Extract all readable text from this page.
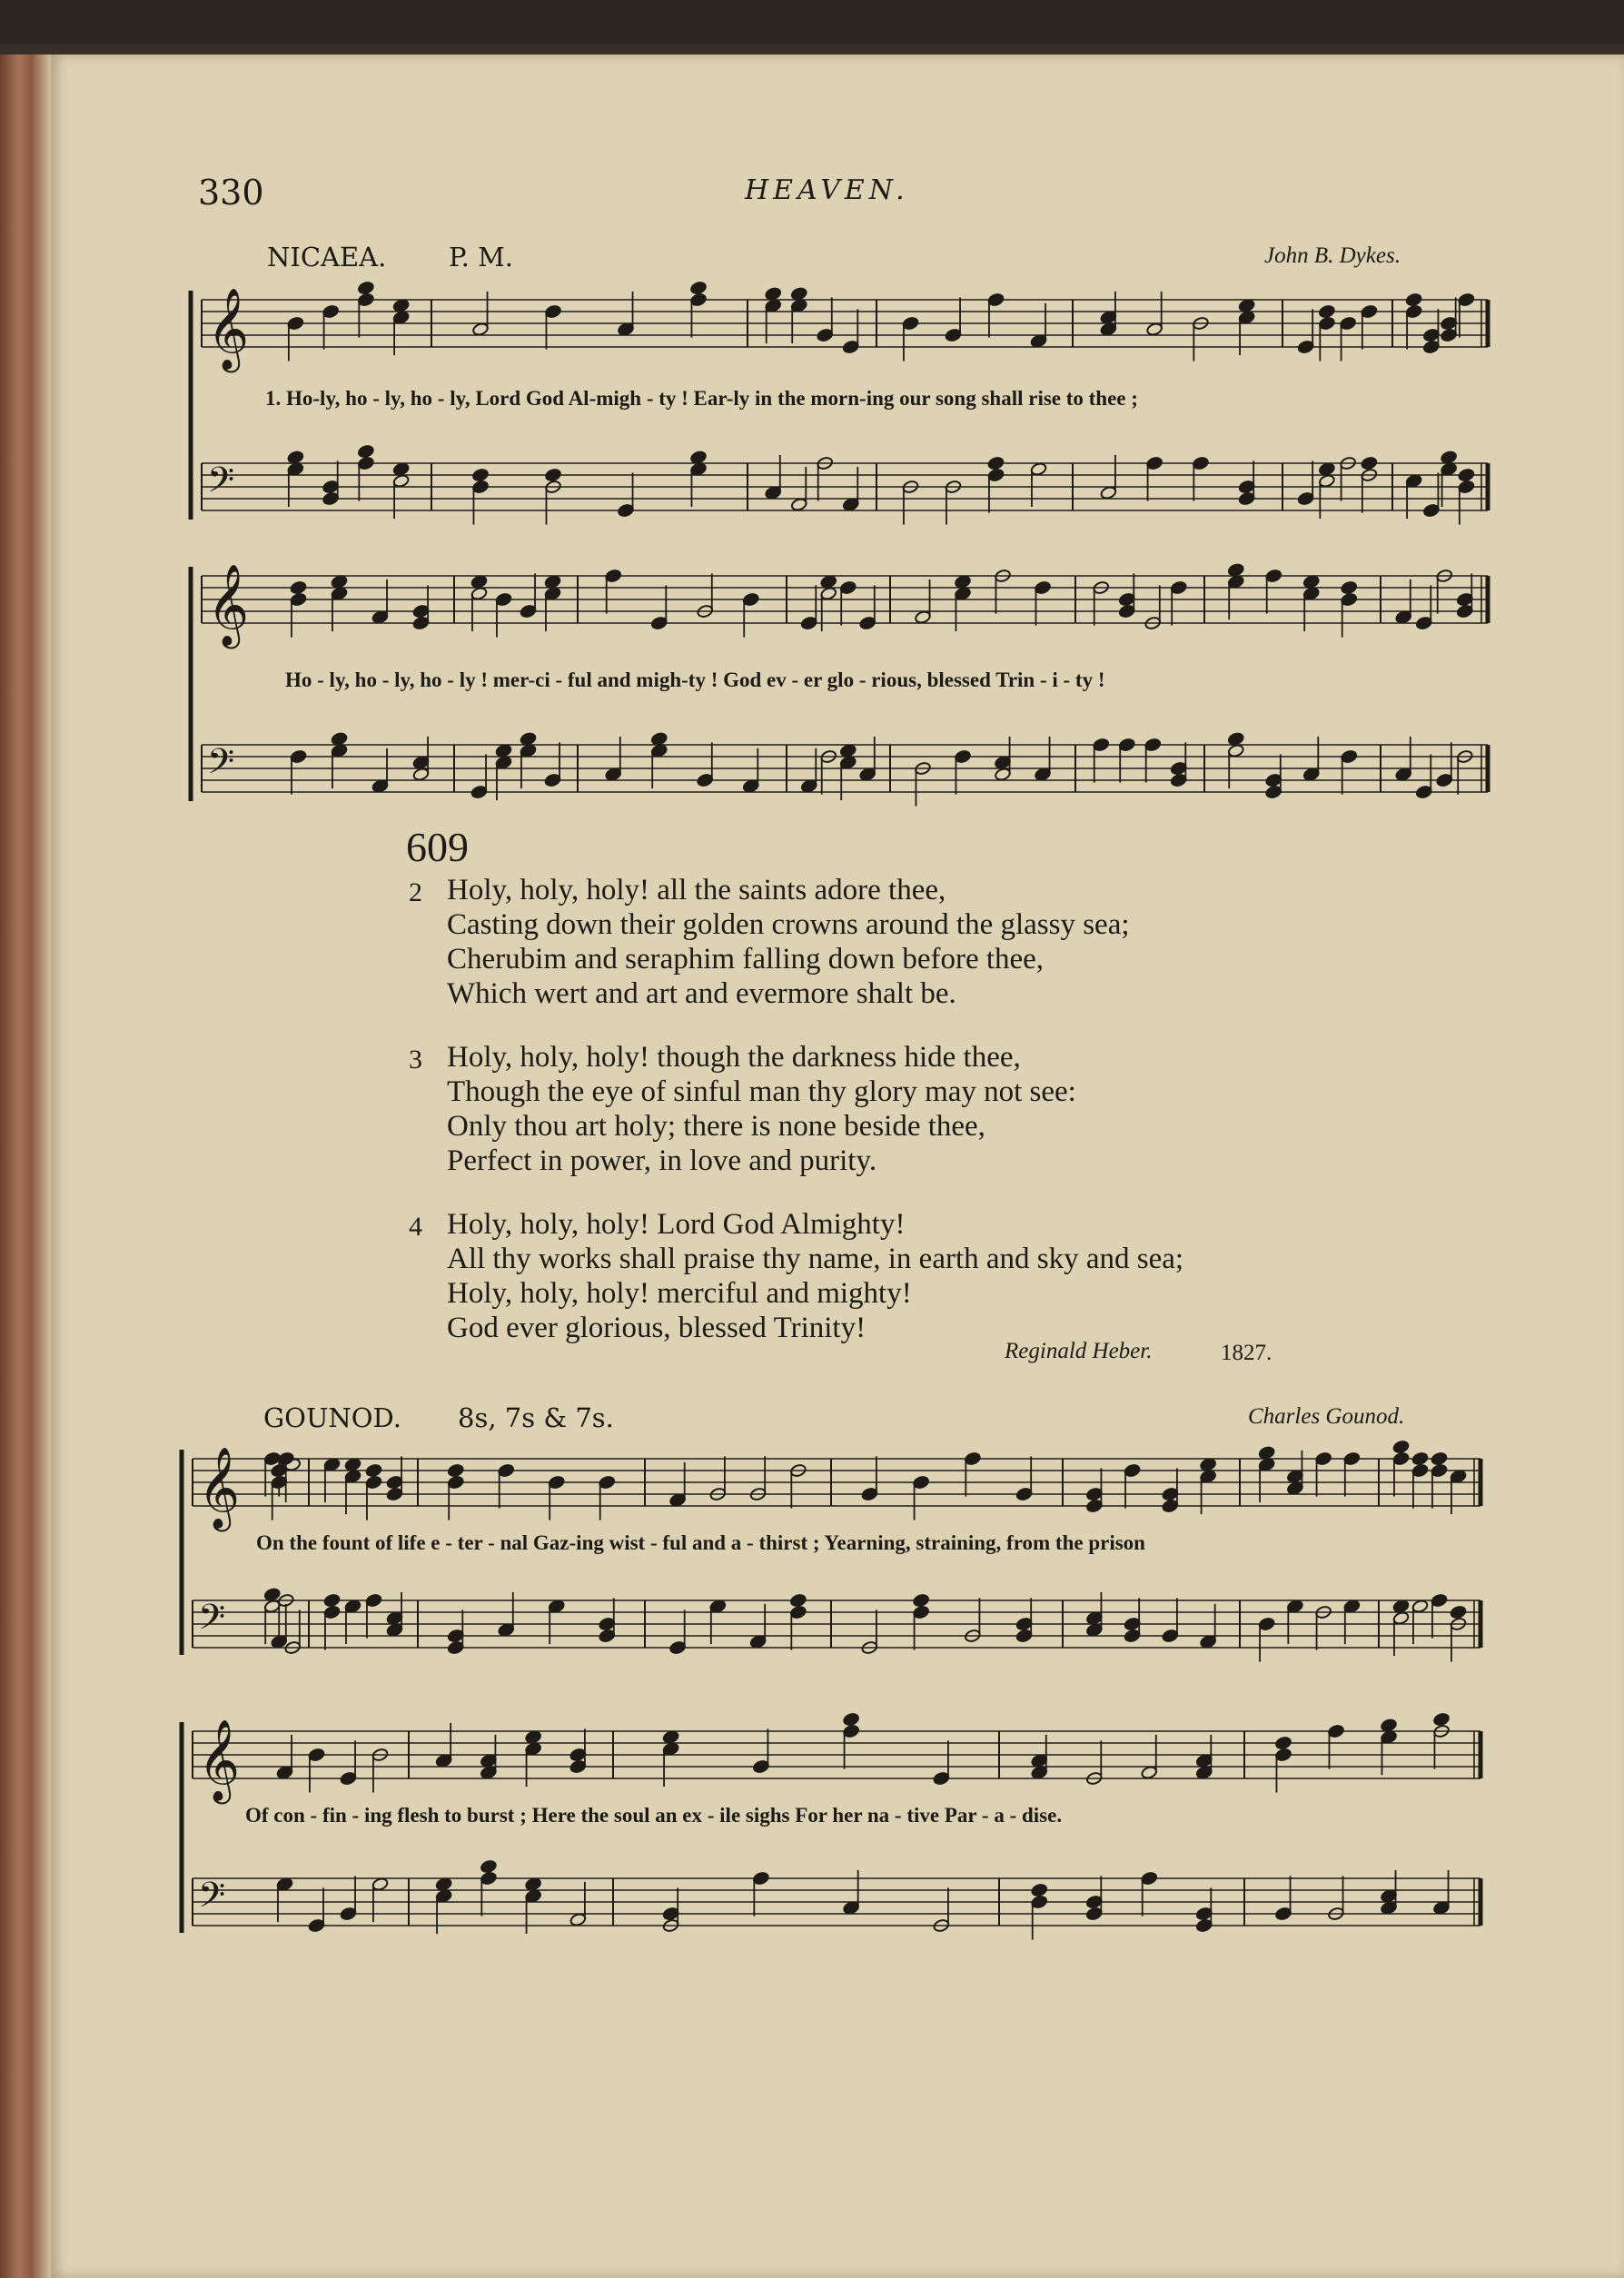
𝄞
𝄢
𝄞
𝄢
𝄞
𝄢
𝄞
𝄢
330	HEAVEN.
NICAEA. P. M.	John B. Dykes.
1. Ho-ly, ho - ly, ho - ly, Lord God Al-migh - ty ! Ear-ly in the morn-ing our song shall rise to thee ;
Ho - ly, ho - ly, ho - ly ! mer-ci - ful and migh-ty ! God ev - er glo - rious, blessed Trin - i - ty !
609
2 Holy, holy, holy! all the saints adore thee,
Casting down their golden crowns around the glassy sea;
Cherubim and seraphim falling down before thee,
Which wert and art and evermore shalt be.
3 Holy, holy, holy! though the darkness hide thee,
Though the eye of sinful man thy glory may not see:
Only thou art holy; there is none beside thee,
Perfect in power, in love and purity.
4 Holy, holy, holy! Lord God Almighty!
All thy works shall praise thy name, in earth and sky and sea;
Holy, holy, holy! merciful and mighty!
God ever glorious, blessed Trinity!
Reginald Heber.	1827.
GOUNOD. 8s, 7s & 7s.	Charles Gounod.
On the fount of life e - ter - nal Gaz-ing wist - ful and a - thirst ; Yearning, straining, from the prison
Of con - fin - ing flesh to burst ; Here the soul an ex - ile sighs For her na - tive Par - a - dise.
